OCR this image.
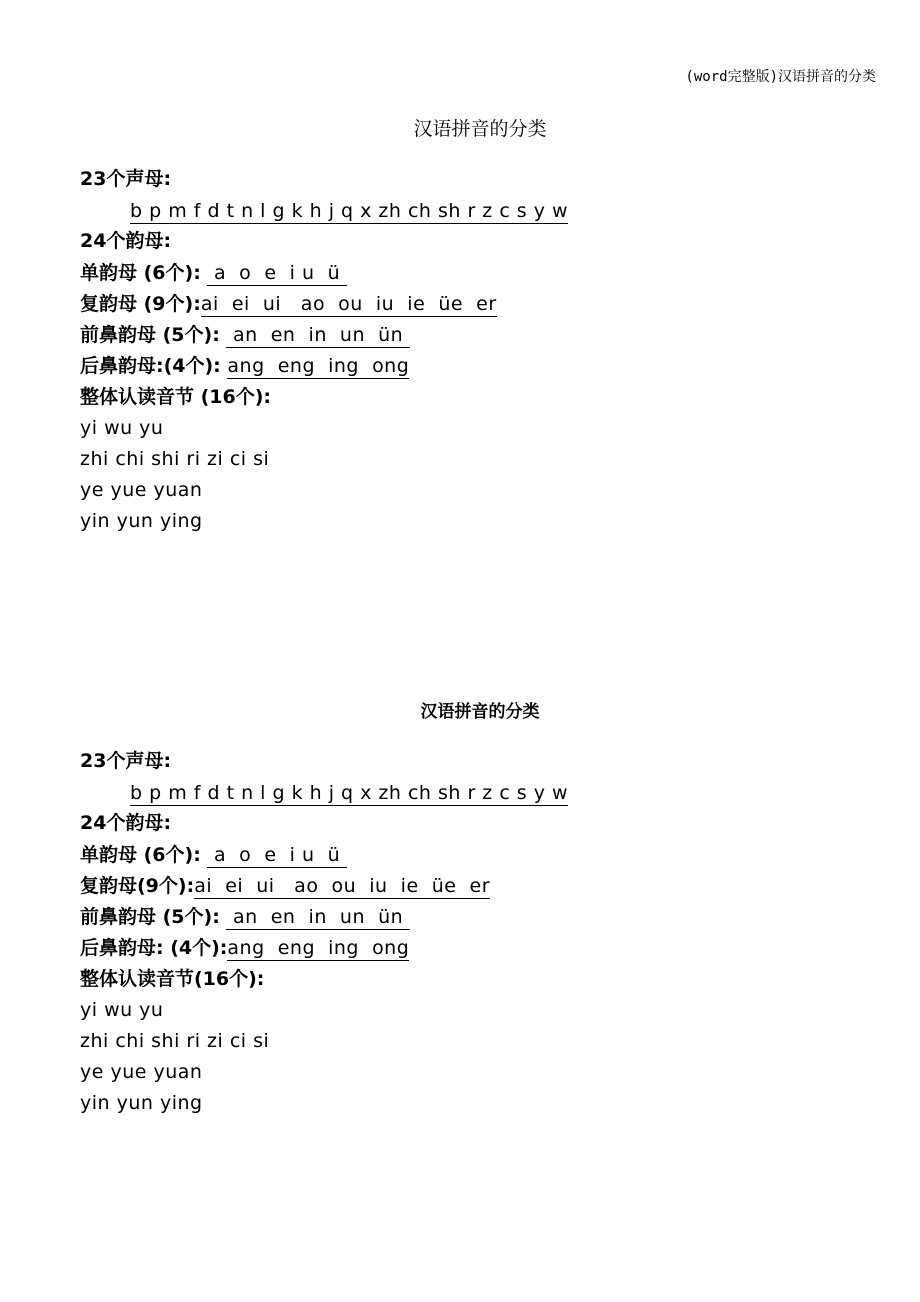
(word完整版)汉语拼音的分类
汉语拼音的分类
23个声母:
b p m f d t n l g k h j q x zh ch sh r z c s y w
24个韵母:
单韵母 (6个):  a  o  e  i u  ü
复韵母 (9个):ai  ei  ui   ao  ou  iu  ie  üe  er
前鼻韵母 (5个):  an  en  in  un  ün
后鼻韵母:(4个): ang  eng  ing  ong
整体认读音节 (16个):
yi wu yu
zhi chi shi ri zi ci si
ye yue yuan
yin yun ying
汉语拼音的分类
23个声母:
b p m f d t n l g k h j q x zh ch sh r z c s y w
24个韵母:
单韵母 (6个):  a  o  e  i u  ü
复韵母(9个):ai  ei  ui   ao  ou  iu  ie  üe  er
前鼻韵母 (5个):  an  en  in  un  ün
后鼻韵母: (4个):ang  eng  ing  ong
整体认读音节(16个):
yi wu yu
zhi chi shi ri zi ci si
ye yue yuan
yin yun ying
